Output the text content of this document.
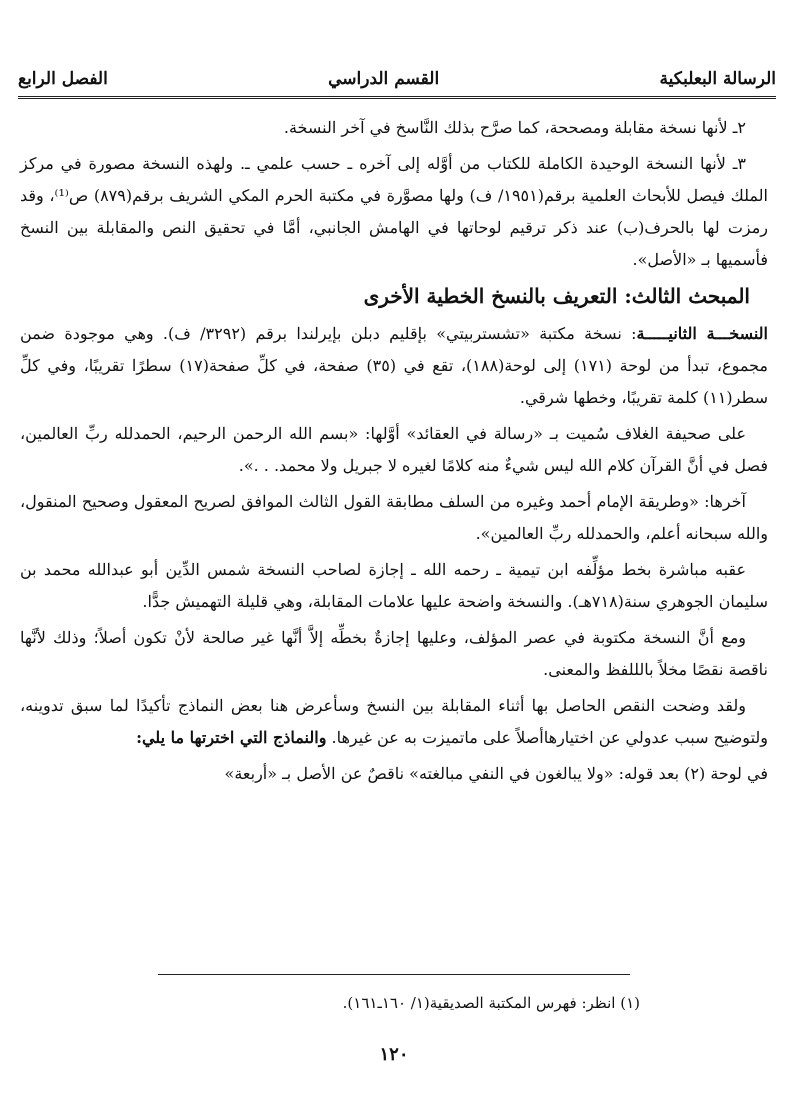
الرسالة البعلبكية
القسم الدراسي
الفصل الرابع

٢ـ لأنها نسخة مقابلة ومصححة، كما صرَّح بذلك النَّاسخ في آخر النسخة.

٣ـ لأنها النسخة الوحيدة الكاملة للكتاب من أوَّله إلى آخره ـ حسب علمي ـ. ولهذه النسخة مصورة في مركز الملك فيصل للأبحاث العلمية برقم(١٩٥١/ ف) ولها مصوَّرة في مكتبة الحرم المكي الشريف برقم(٨٧٩) ص⁽¹⁾، وقد رمزت لها بالحرف(ب) عند ذكر ترقيم لوحاتها في الهامش الجانبي، أمَّا في تحقيق النص والمقابلة بين النسخ فأسميها بـ «الأصل».

المبحث الثالث: التعريف بالنسخ الخطية الأخرى

النسخـــة الثانيـــــة: نسخة مكتبة «تشستربيتي» بإقليم دبلن بإيرلندا برقم (٣٢٩٢/ ف). وهي موجودة ضمن مجموع، تبدأ من لوحة (١٧١) إلى لوحة(١٨٨)، تقع في (٣٥) صفحة، في كلِّ صفحة(١٧) سطرًا تقريبًا، وفي كلِّ سطر(١١) كلمة تقريبًا، وخطها شرقي.

على صحيفة الغلاف سُميت بـ «رسالة في العقائد» أوَّلها: «بسم الله الرحمن الرحيم، الحمدلله ربِّ العالمين، فصل في أنَّ القرآن كلام الله ليس شيءٌ منه كلامًا لغيره لا جبريل ولا محمد. . .».

آخرها: «وطريقة الإمام أحمد وغيره من السلف مطابقة القول الثالث الموافق لصريح المعقول وصحيح المنقول، والله سبحانه أعلم، والحمدلله ربِّ العالمين».

عقبه مباشرة بخط مؤلِّفه ابن تيمية ـ رحمه الله ـ إجازة لصاحب النسخة شمس الدِّين أبو عبدالله محمد بن سليمان الجوهري سنة(٧١٨هـ). والنسخة واضحة عليها علامات المقابلة، وهي قليلة التهميش جدًّا.

ومع أنَّ النسخة مكتوبة في عصر المؤلف، وعليها إجازةٌ بخطِّه إلاَّ أنَّها غير صالحة لأنْ تكون أصلاً؛ وذلك لأنَّها ناقصة نقصًا مخلاً بالللفظ والمعنى.

ولقد وضحت النقص الحاصل بها أثناء المقابلة بين النسخ وسأعرض هنا بعض النماذج تأكيدًا لما سبق تدوينه، ولتوضيح سبب عدولي عن اختيارهاأصلاً على ماتميزت به عن غيرها. والنماذج التي اخترتها ما يلي:

في لوحة (٢) بعد قوله: «ولا يبالغون في النفي مبالغته» ناقصٌ عن الأصل بـ «أربعة»

(١) انظر: فهرس المكتبة الصديقية(١/ ١٦٠ـ١٦١).
١٢٠
